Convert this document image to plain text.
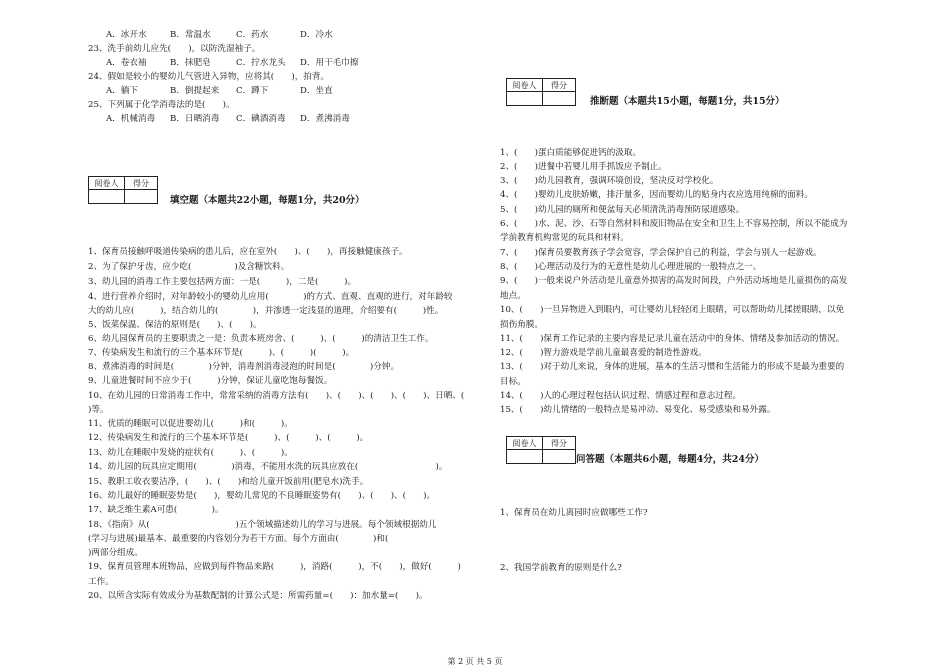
A．冰开水	B．常温水	C．药水	D．冷水
23、洗手前幼儿应先(　　)，以防洗湿袖子。
A．卷衣袖	B．抹肥皂	C．拧水龙头 D．用干毛巾擦
24、假如是较小的婴幼儿气管进入异物，应将其(　　)，拍背。
A．躺下	B．倒提起来 C．蹲下	D．坐直
25、下列属于化学消毒法的是(　　)。
A．机械消毒 B．日晒消毒 C．碘酒消毒 D．煮沸消毒
阅卷人	得分
填空题（本题共22小题，每题1分，共20分）
1、保育员接触呼吸道传染病的患儿后，应在室外(　　)、(　　)，再接触健康孩子。
2、为了保护牙齿，应少吃(　　　　　)及含糖饮料。
3、幼儿园的消毒工作主要包括两方面：一是(　　　)，二是(　　　)。
4、进行营养介绍时，对年龄较小的婴幼儿应用(　　　　)的方式、直观、直观的进行，对年龄较
大的幼儿应(　　　)，结合幼儿的(　　　　)，并渗透一定浅显的道理，介绍要有(　　　)性。
5、饭菜保温、保洁的原则是(　　)、(　　)。
6、幼儿园保育员的主要职责之一是：负责本班房舍、(　　　)、(　　　)的清洁卫生工作。
7、传染病发生和流行的三个基本环节是(　　　)、(　　　)(　　　)。
8、煮沸消毒的时间是(　　　　)分钟，消毒剂消毒浸泡的时间是(　　　　)分钟。
9、儿童进餐时间不应少于(　　　)分钟，保证儿童吃饱每餐饭。
10、在幼儿园的日常消毒工作中，常常采纳的消毒方法有(　　)、(　　)、(　　)、(　　)、日晒、(　　
)等。
11、优质的睡眠可以促进婴幼儿(　　　)和(　　　)。
12、传染病发生和流行的三个基本环节是(　　　)、(　　　)、(　　　)。
13、幼儿在睡眠中发烧的症状有(　　　)、(　　　)。
14、幼儿园的玩具应定期用(　　　　)消毒，不能用水洗的玩具应放在(　　　　　　　　　)。
15、教职工收衣要洁净，(　　)、(　　)和给儿童开饭前用(肥皂水)洗手。
16、幼儿最好的睡眠姿势是(　　)，婴幼儿常见的不良睡眠姿势有(　　)、(　　)、(　　)。
17、缺乏维生素A可患(　　　　)。
18、《指南》从(　　　　　　　　　　)五个领域描述幼儿的学习与进展。每个领域根据幼儿
(学习与进展)最基本、最重要的内容划分为若干方面。每个方面由(　　　　)和(
)两部分组成。
19、保育员管理本班物品，应做到每件物品来路(　　　)，消路(　　　)，不(　　)，做好(　　　)
工作。
20、以所含实际有效成分为基数配制的计算公式是：所需药量=(　　)：加水量=(　　)。
阅卷人	得分
推断题（本题共15小题，每题1分，共15分）
1、(　　)蛋白质能够促进钙的汲取。
2、(　　)进餐中若婴儿用手抓饭应予制止。
3、(　　)幼儿园教育，强调环境创设，坚决反对学校化。
4、(　　)婴幼儿皮肤娇嫩，排汗量多，因而婴幼儿的贴身内衣应选用纯棉的面料。
5、(　　)幼儿园的厕所和便盆每天必须清洗消毒预防尿道感染。
6、(　　)水、泥、沙、石等自然材料和废旧物品在安全和卫生上不容易控制，所以不能成为
学前教育机构常见的玩具和材料。
7、(　　)保育员要教育孩子学会宽容，学会保护自己的利益，学会与别人一起游戏。
8、(　　)心理活动及行为的无意性是幼儿心理进展的一般特点之一。
9、(　　)一般来说户外活动是儿童意外损害的高发时间段，户外活动场地是儿童损伤的高发
地点。
10、(　　)一旦异物进入到眼内，可让婴幼儿轻轻闭上眼睛，可以帮助幼儿揉搓眼睛，以免
损伤角膜。
11、(　　)保育工作记录的主要内容是记录儿童在活动中的身体、情绪及参加活动的情况。
12、(　　)智力游戏是学前儿童最喜爱的制造性游戏。
13、(　　)对于幼儿来说，身体的进展，基本的生活习惯和生活能力的形成不是最为重要的
目标。
14、(　　)人的心理过程包括认识过程、情感过程和意志过程。
15、(　　)幼儿情绪的一般特点是易冲动、易变化、易受感染和易外露。
阅卷人	得分
问答题（本题共6小题，每题4分，共24分）
1、保育员在幼儿离园时应做哪些工作?
2、我国学前教育的原则是什么?
第 2 页 共 5 页
